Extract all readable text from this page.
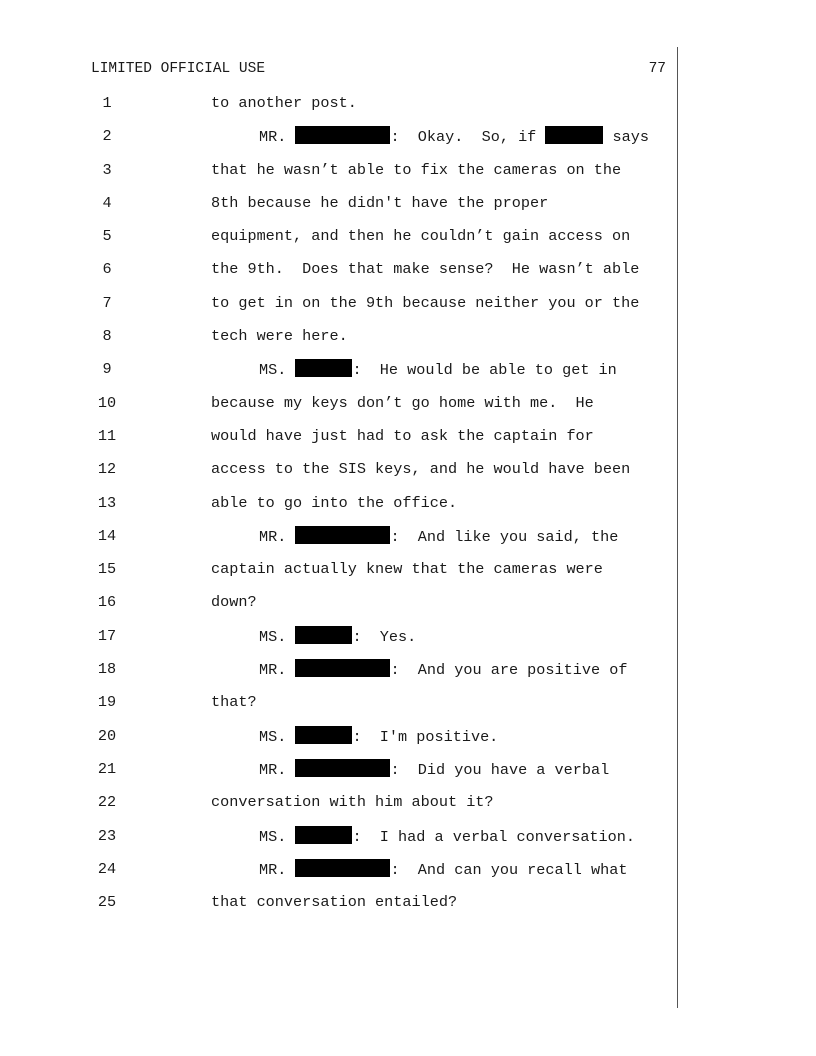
LIMITED OFFICIAL USE	77
1	to another post.
2	MR.	:  Okay.  So, if	says
3	that he wasn’t able to fix the cameras on the
4	8th because he didn't have the proper
5	equipment, and then he couldn’t gain access on
6	the 9th.  Does that make sense?  He wasn’t able
7	to get in on the 9th because neither you or the
8	tech were here.
9	MS.	:  He would be able to get in
10	because my keys don’t go home with me.  He
11	would have just had to ask the captain for
12	access to the SIS keys, and he would have been
13	able to go into the office.
14	MR.	:  And like you said, the
15	captain actually knew that the cameras were
16	down?
17	MS.	:  Yes.
18	MR.	:  And you are positive of
19	that?
20	MS.	:  I'm positive.
21	MR.	:  Did you have a verbal
22	conversation with him about it?
23	MS.	:  I had a verbal conversation.
24	MR.	:  And can you recall what
25	that conversation entailed?
